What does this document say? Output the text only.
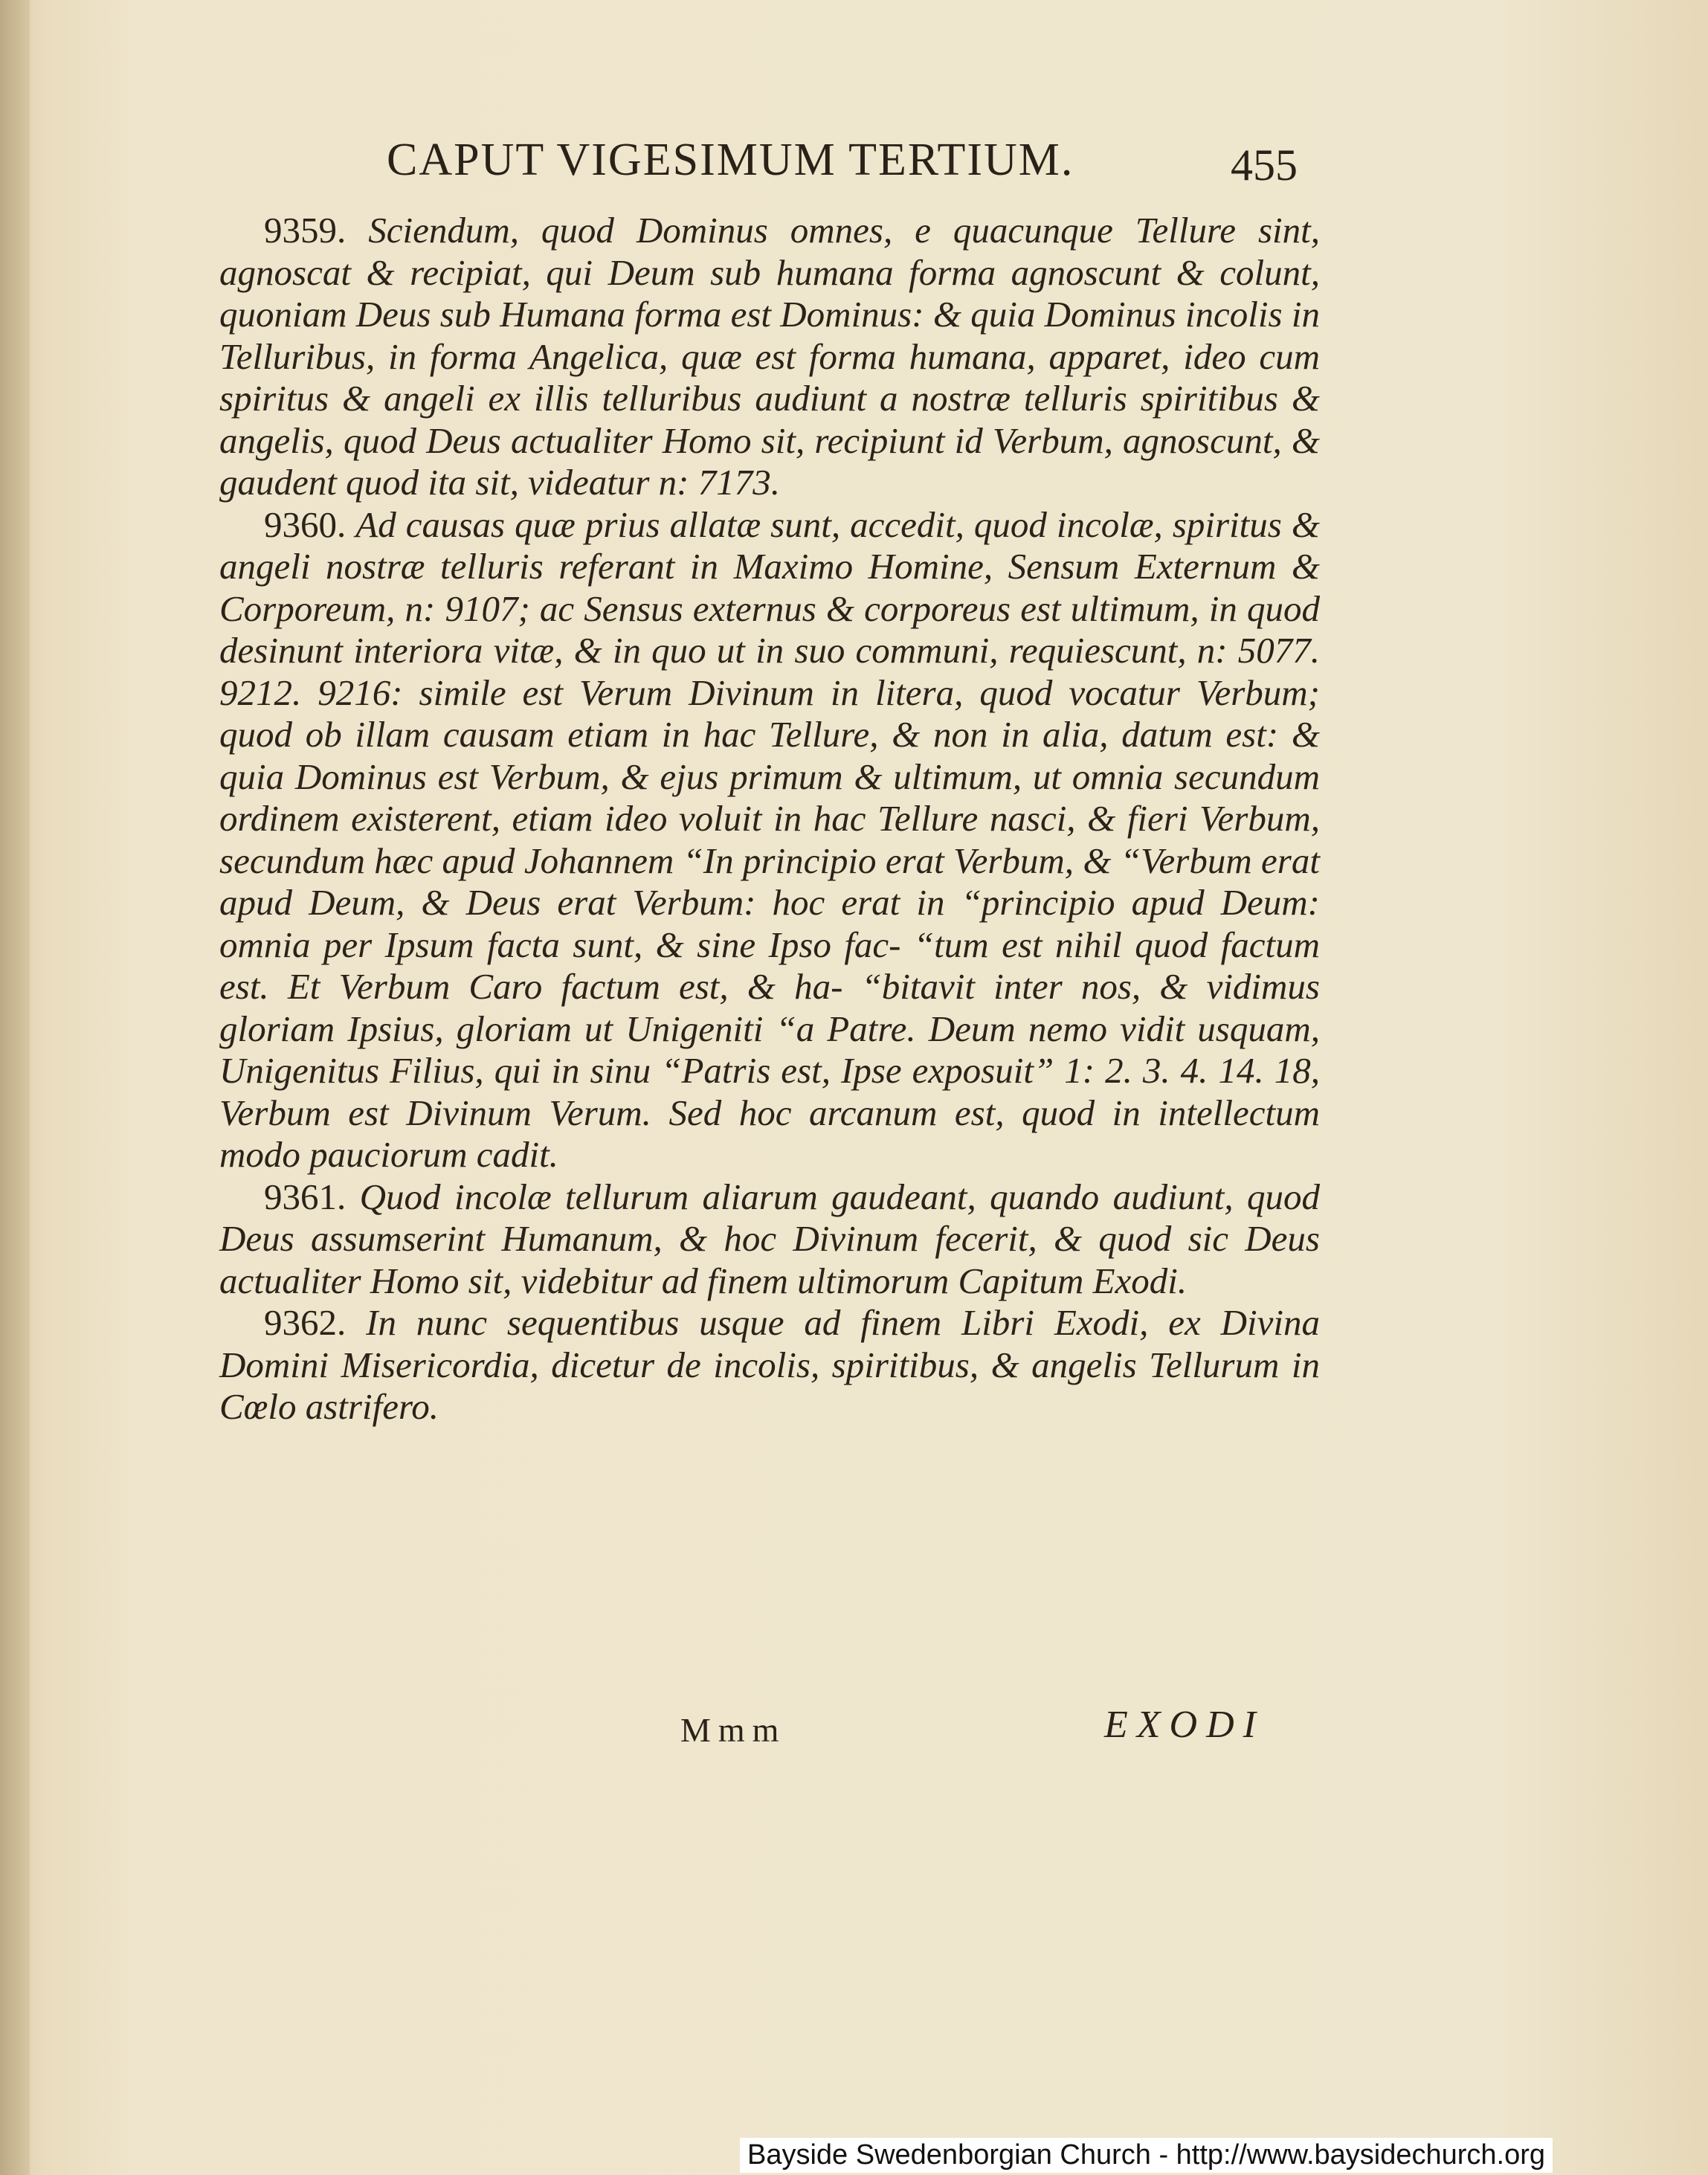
CAPUT VIGESIMUM TERTIUM.	455

9359. Sciendum, quod Dominus omnes, e quacunque Tellure sint, agnoscat & recipiat, qui Deum sub humana forma agnoscunt & colunt, quoniam Deus sub Humana forma est Dominus: & quia Dominus incolis in Telluribus, in forma Angelica, quæ est forma humana, apparet, ideo cum spiritus & angeli ex illis telluribus audiunt a nostræ telluris spiritibus & angelis, quod Deus actualiter Homo sit, recipiunt id Verbum, agnoscunt, & gaudent quod ita sit, videatur n: 7173.

9360. Ad causas quæ prius allatæ sunt, accedit, quod incolæ, spiritus & angeli nostræ telluris referant in Maximo Homine, Sensum Externum & Corporeum, n: 9107; ac Sensus externus & corporeus est ultimum, in quod desinunt interiora vitæ, & in quo ut in suo communi, requiescunt, n: 5077. 9212. 9216: simile est Verum Divinum in litera, quod vocatur Verbum; quod ob illam causam etiam in hac Tellure, & non in alia, datum est: & quia Dominus est Verbum, & ejus primum & ultimum, ut omnia secundum ordinem existerent, etiam ideo voluit in hac Tellure nasci, & fieri Verbum, secundum hæc apud Johannem “In principio erat Verbum, & “Verbum erat apud Deum, & Deus erat Verbum: hoc erat in “principio apud Deum: omnia per Ipsum facta sunt, & sine Ipso fac- “tum est nihil quod factum est. Et Verbum Caro factum est, & ha- “bitavit inter nos, & vidimus gloriam Ipsius, gloriam ut Unigeniti “a Patre. Deum nemo vidit usquam, Unigenitus Filius, qui in sinu “Patris est, Ipse exposuit” 1: 2. 3. 4. 14. 18, Verbum est Divinum Verum. Sed hoc arcanum est, quod in intellectum modo pauciorum cadit.

9361. Quod incolæ tellurum aliarum gaudeant, quando audiunt, quod Deus assumserint Humanum, & hoc Divinum fecerit, & quod sic Deus actualiter Homo sit, videbitur ad finem ultimorum Capitum Exodi.

9362. In nunc sequentibus usque ad finem Libri Exodi, ex Divina Domini Misericordia, dicetur de incolis, spiritibus, & angelis Tellurum in Cœlo astrifero.

Mmm	EXODI
Bayside Swedenborgian Church - http://www.baysidechurch.org
